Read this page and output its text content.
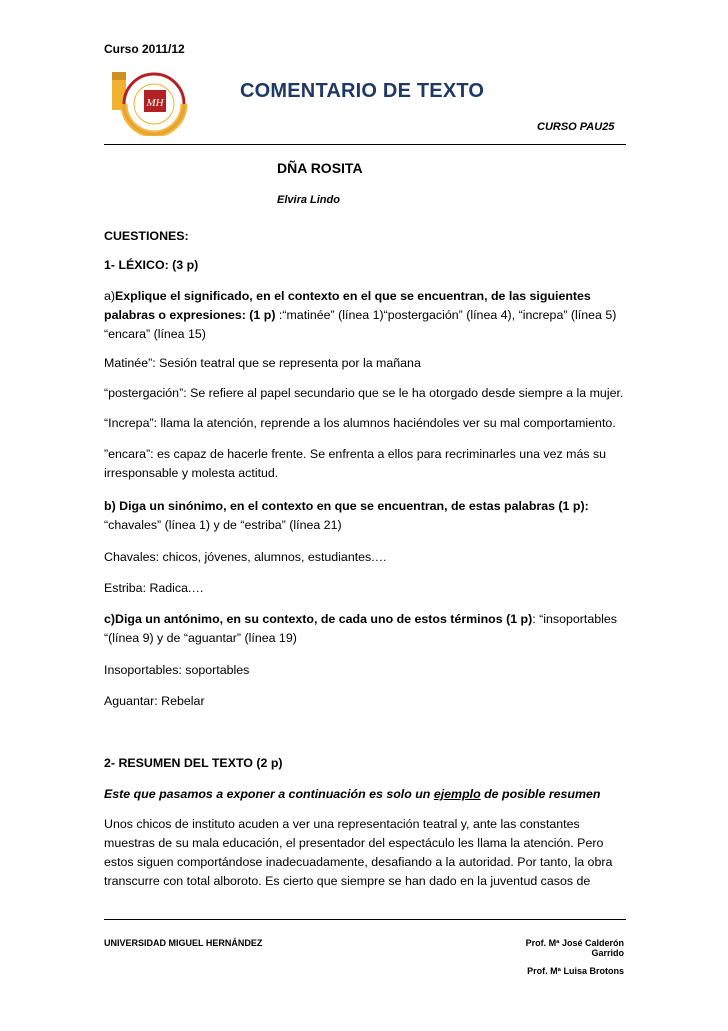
Curso 2011/12
MH
COMENTARIO DE TEXTO
CURSO PAU25
DÑA ROSITA
Elvira Lindo
CUESTIONES:
1- LÉXICO: (3 p)
a)Explique el significado, en el contexto en el que se encuentran, de las siguientes palabras o expresiones: (1 p) :“matinée” (línea 1)“postergación” (línea 4), “increpa” (línea 5) “encara” (línea 15)
Matinée”: Sesión teatral que se representa por la mañana
“postergación”: Se refiere al papel secundario que se le ha otorgado desde siempre a la mujer.
“Increpa”: llama la atención, reprende a los alumnos haciéndoles ver su mal comportamiento.
”encara”: es capaz de hacerle frente. Se enfrenta a ellos para recriminarles una vez más su irresponsable y molesta actitud.
b) Diga un sinónimo, en el contexto en que se encuentran, de estas palabras (1 p):
“chavales” (línea 1) y de “estriba” (línea 21)
Chavales: chicos, jóvenes, alumnos, estudiantes.…
Estriba: Radica.…
c)Diga un antónimo, en su contexto, de cada uno de estos términos (1 p): “insoportables “(línea 9) y de “aguantar” (línea 19)
Insoportables: soportables
Aguantar: Rebelar
2- RESUMEN DEL TEXTO (2 p)
Este que pasamos a exponer a continuación es solo un ejemplo de posible resumen
Unos chicos de instituto acuden a ver una representación teatral y, ante las constantes muestras de su mala educación, el presentador del espectáculo les llama la atención. Pero estos siguen comportándose inadecuadamente, desafiando a la autoridad. Por tanto, la obra transcurre con total alboroto. Es cierto que siempre se han dado en la juventud casos de
UNIVERSIDAD MIGUEL HERNÁNDEZ	Prof. Mª José Calderón Garrido
Prof. Mª Luisa Brotons
